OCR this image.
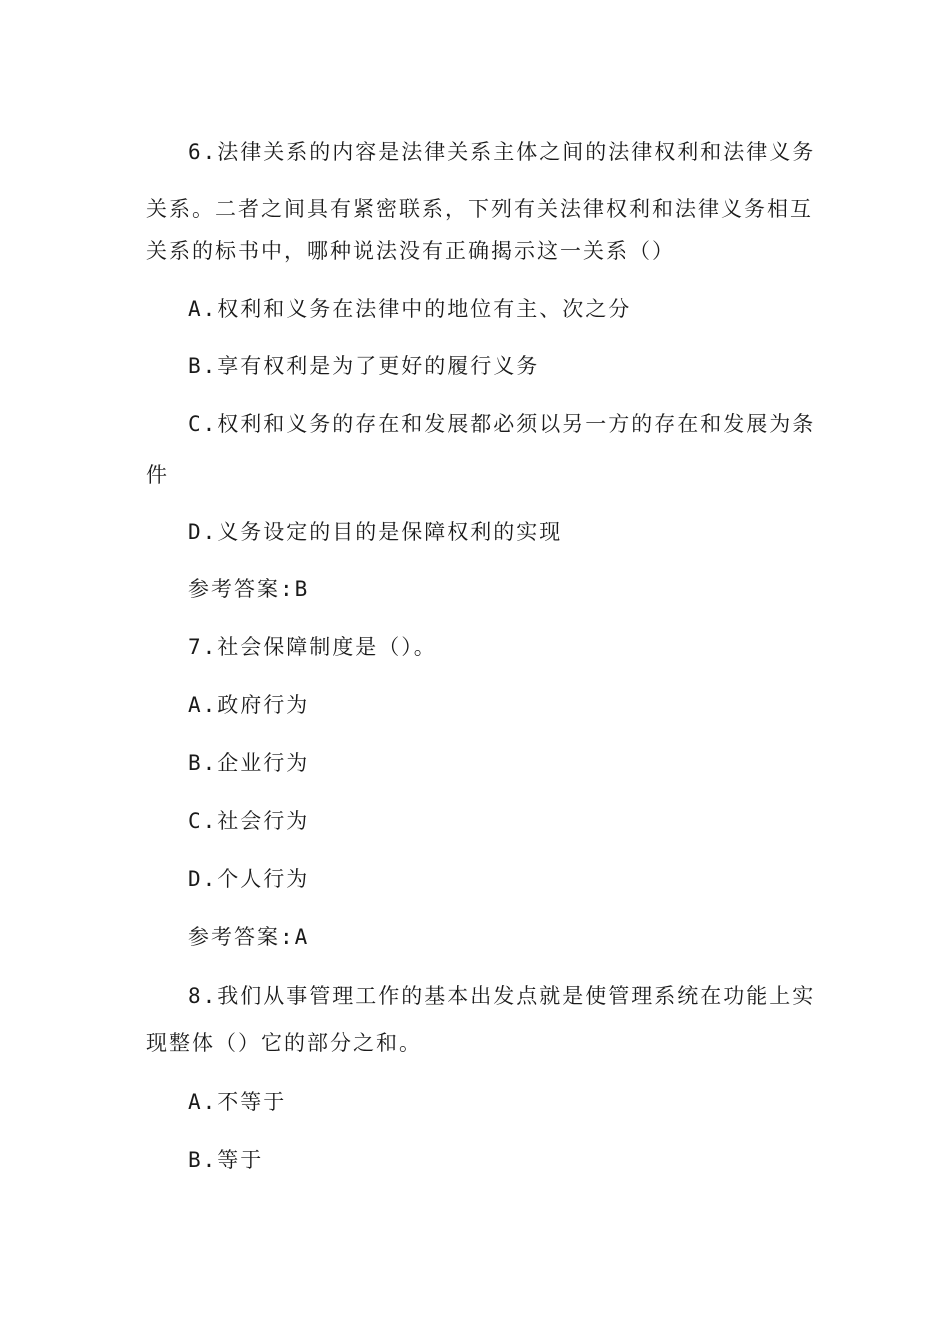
6.法律关系的内容是法律关系主体之间的法律权利和法律义务
关系。二者之间具有紧密联系，下列有关法律权利和法律义务相互
关系的标书中，哪种说法没有正确揭示这一关系（）
A.权利和义务在法律中的地位有主、次之分
B.享有权利是为了更好的履行义务
C.权利和义务的存在和发展都必须以另一方的存在和发展为条
件
D.义务设定的目的是保障权利的实现
参考答案:B
7.社会保障制度是（）。
A.政府行为
B.企业行为
C.社会行为
D.个人行为
参考答案:A
8.我们从事管理工作的基本出发点就是使管理系统在功能上实
现整体（）它的部分之和。
A.不等于
B.等于
